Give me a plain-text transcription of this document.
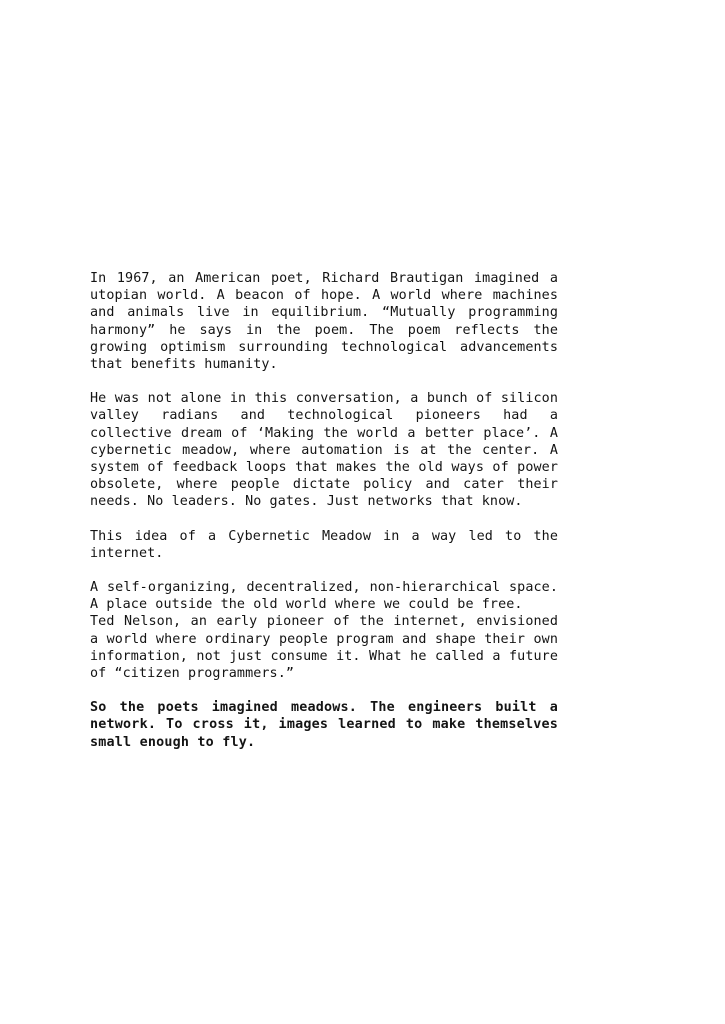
In 1967, an American poet, Richard Brautigan imagined a utopian world. A beacon of hope. A world where machines and animals live in equilibrium. “Mutually programming harmony” he says in the poem. The poem reflects the growing optimism surrounding technological advancements that benefits humanity.

He was not alone in this conversation, a bunch of silicon valley radians and technological pioneers had a collective dream of ‘Making the world a better place’. A cybernetic meadow, where automation is at the center. A system of feedback loops that makes the old ways of power obsolete, where people dictate policy and cater their needs. No leaders. No gates. Just networks that know.

This idea of a Cybernetic Meadow in a way led to the internet.

A self-organizing, decentralized, non-hierarchical space. A place outside the old world where we could be free.

Ted Nelson, an early pioneer of the internet, envisioned a world where ordinary people program and shape their own information, not just consume it. What he called a future of “citizen programmers.”

So the poets imagined meadows. The engineers built a network. To cross it, images learned to make themselves small enough to fly.
